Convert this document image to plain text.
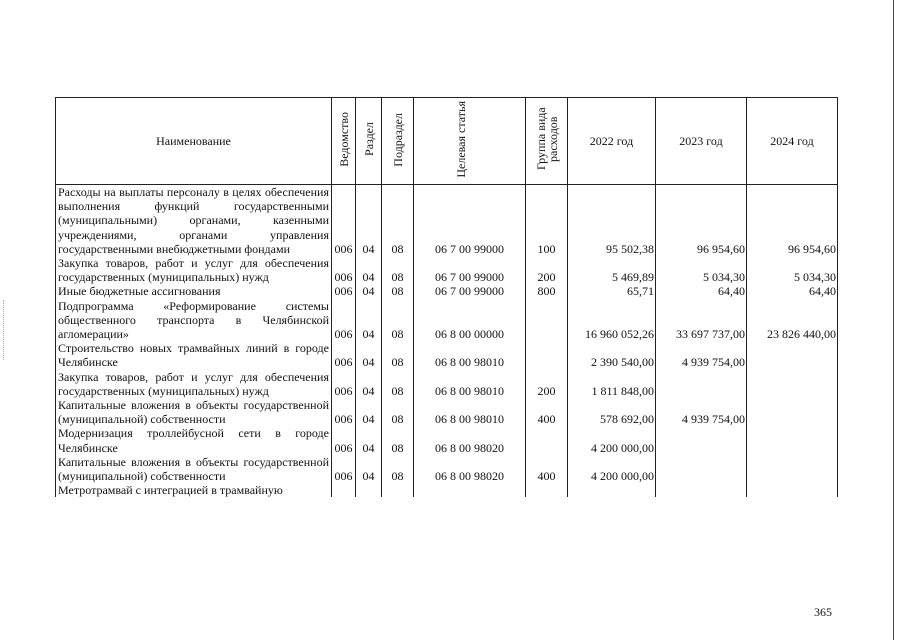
Наименование	Ведомство	Раздел	Подраздел	Целевая статья	Группа вида расходов	2022 год	2023 год	2024 год
Расходы на выплаты персоналу в целях обеспечения выполнения функций государственными (муниципальными) органами, казенными учреждениями, органами управления государственными внебюджетными фондами	006	04	08	06 7 00 99000	100	95 502,38	96 954,60	96 954,60
Закупка товаров, работ и услуг для обеспечения государственных (муниципальных) нужд	006	04	08	06 7 00 99000	200	5 469,89	5 034,30	5 034,30
Иные бюджетные ассигнования	006	04	08	06 7 00 99000	800	65,71	64,40	64,40
Подпрограмма «Реформирование системы общественного транспорта в Челябинской агломерации»	006	04	08	06 8 00 00000		16 960 052,26	33 697 737,00	23 826 440,00
Строительство новых трамвайных линий в городе Челябинске	006	04	08	06 8 00 98010		2 390 540,00	4 939 754,00	
Закупка товаров, работ и услуг для обеспечения государственных (муниципальных) нужд	006	04	08	06 8 00 98010	200	1 811 848,00		
Капитальные вложения в объекты государственной (муниципальной) собственности	006	04	08	06 8 00 98010	400	578 692,00	4 939 754,00	
Модернизация троллейбусной сети в городе Челябинске	006	04	08	06 8 00 98020		4 200 000,00		
Капитальные вложения в объекты государственной (муниципальной) собственности	006	04	08	06 8 00 98020	400	4 200 000,00		
Метротрамвай с интеграцией в трамвайную								
365
